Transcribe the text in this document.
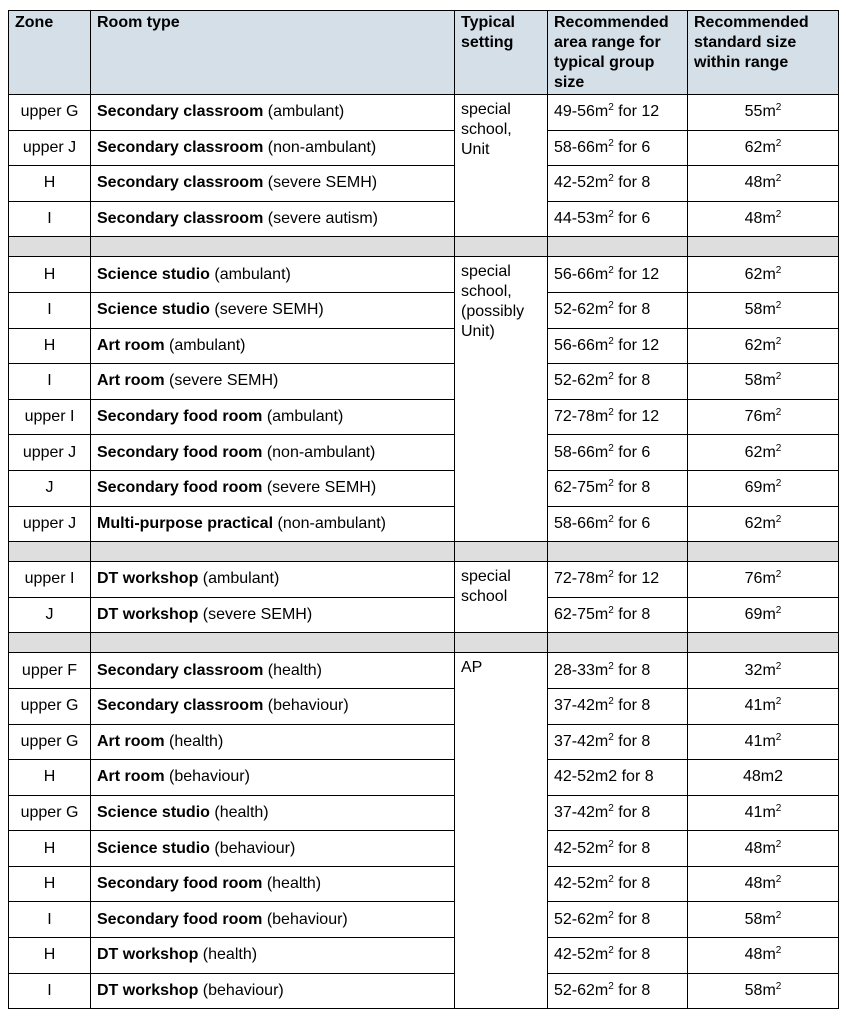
Zone	Room type	Typical setting	Recommended area range for typical group size	Recommended standard size within range
upper G	Secondary classroom (ambulant)	special school, Unit	$49-56m^2$ for 12	$55m^2$
upper J	Secondary classroom (non-ambulant)		$58-66m^2$ for 6	$62m^2$
H	Secondary classroom (severe SEMH)		$42-52m^2$ for 8	$48m^2$
I	Secondary classroom (severe autism)		$44-53m^2$ for 6	$48m^2$

H	Science studio (ambulant)	special school, (possibly Unit)	$56-66m^2$ for 12	$62m^2$
I	Science studio (severe SEMH)		$52-62m^2$ for 8	$58m^2$
H	Art room (ambulant)		$56-66m^2$ for 12	$62m^2$
I	Art room (severe SEMH)		$52-62m^2$ for 8	$58m^2$
upper I	Secondary food room (ambulant)		$72-78m^2$ for 12	$76m^2$
upper J	Secondary food room (non-ambulant)		$58-66m^2$ for 6	$62m^2$
J	Secondary food room (severe SEMH)		$62-75m^2$ for 8	$69m^2$
upper J	Multi-purpose practical (non-ambulant)		$58-66m^2$ for 6	$62m^2$

upper I	DT workshop (ambulant)	special school	$72-78m^2$ for 12	$76m^2$
J	DT workshop (severe SEMH)		$62-75m^2$ for 8	$69m^2$

upper F	Secondary classroom (health)	AP	$28-33m^2$ for 8	$32m^2$
upper G	Secondary classroom (behaviour)		$37-42m^2$ for 8	$41m^2$
upper G	Art room (health)		$37-42m^2$ for 8	$41m^2$
H	Art room (behaviour)		42-52m2 for 8	48m2
upper G	Science studio (health)		$37-42m^2$ for 8	$41m^2$
H	Science studio (behaviour)		$42-52m^2$ for 8	$48m^2$
H	Secondary food room (health)		$42-52m^2$ for 8	$48m^2$
I	Secondary food room (behaviour)		$52-62m^2$ for 8	$58m^2$
H	DT workshop (health)		$42-52m^2$ for 8	$48m^2$
I	DT workshop (behaviour)		$52-62m^2$ for 8	$58m^2$
